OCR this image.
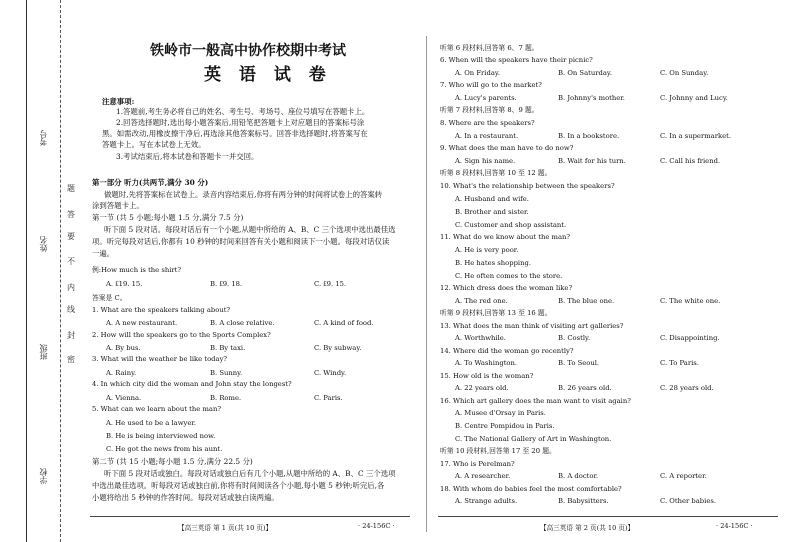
考号
姓名
班级
学校
题
答
要
不
内
线
封
密
铁岭市一般高中协作校期中考试
英 语 试 卷
注意事项:
1.答题前,考生务必将自己的姓名、考生号、考场号、座位号填写在答题卡上。
2.回答选择题时,选出每小题答案后,用铅笔把答题卡上对应题目的答案标号涂
黑。如需改动,用橡皮擦干净后,再选涂其他答案标号。回答非选择题时,将答案写在
答题卡上。写在本试卷上无效。
3.考试结束后,将本试卷和答题卡一并交回。
第一部分 听力(共两节,满分 30 分)
做题时,先将答案标在试卷上。录音内容结束后,你将有两分钟的时间将试卷上的答案转
涂到答题卡上。
第一节 (共 5 小题;每小题 1.5 分,满分 7.5 分)
听下面 5 段对话。每段对话后有一个小题,从题中所给的 A、B、C 三个选项中选出最佳选
项。听完每段对话后,你都有 10 秒钟的时间来回答有关小题和阅读下一小题。每段对话仅读
一遍。
例:How much is the shirt?
A. ₤19. 15.	B. ₤9. 18.	C. ₤9. 15.
答案是 C。
1. What are the speakers talking about?
A. A new restaurant.	B. A close relative.	C. A kind of food.
2. How will the speakers go to the Sports Complex?
A. By bus.	B. By taxi.	C. By subway.
3. What will the weather be like today?
A. Rainy.	B. Sunny.	C. Windy.
4. In which city did the woman and John stay the longest?
A. Vienna.	B. Rome.	C. Paris.
5. What can we learn about the man?
A. He used to be a lawyer.
B. He is being interviewed now.
C. He got the news from his aunt.
第二节 (共 15 小题;每小题 1.5 分,满分 22.5 分)
听下面 5 段对话或独白。每段对话或独白后有几个小题,从题中所给的 A、B、C 三个选项
中选出最佳选项。听每段对话或独白前,你将有时间阅读各个小题,每小题 5 秒钟;听完后,各
小题将给出 5 秒钟的作答时间。每段对话或独白读两遍。
【高三英语 第 1 页(共 10 页)】	· 24-156C ·
听第 6 段材料,回答第 6、7 题。
6. When will the speakers have their picnic?
A. On Friday.	B. On Saturday.	C. On Sunday.
7. Who will go to the market?
A. Lucy's parents.	B. Johnny's mother.	C. Johnny and Lucy.
听第 7 段材料,回答第 8、9 题。
8. Where are the speakers?
A. In a restaurant.	B. In a bookstore.	C. In a supermarket.
9. What does the man have to do now?
A. Sign his name.	B. Wait for his turn.	C. Call his friend.
听第 8 段材料,回答第 10 至 12 题。
10. What's the relationship between the speakers?
A. Husband and wife.
B. Brother and sister.
C. Customer and shop assistant.
11. What do we know about the man?
A. He is very poor.
B. He hates shopping.
C. He often comes to the store.
12. Which dress does the woman like?
A. The red one.	B. The blue one.	C. The white one.
听第 9 段材料,回答第 13 至 16 题。
13. What does the man think of visiting art galleries?
A. Worthwhile.	B. Costly.	C. Disappointing.
14. Where did the woman go recently?
A. To Washington.	B. To Seoul.	C. To Paris.
15. How old is the woman?
A. 22 years old.	B. 26 years old.	C. 28 years old.
16. Which art gallery does the man want to visit again?
A. Musee d'Orsay in Paris.
B. Centre Pompidou in Paris.
C. The National Gallery of Art in Washington.
听第 10 段材料,回答第 17 至 20 题。
17. Who is Perelman?
A. A researcher.	B. A doctor.	C. A reporter.
18. With whom do babies feel the most comfortable?
A. Strange adults.	B. Babysitters.	C. Other babies.
【高三英语 第 2 页(共 10 页)】	· 24-156C ·
